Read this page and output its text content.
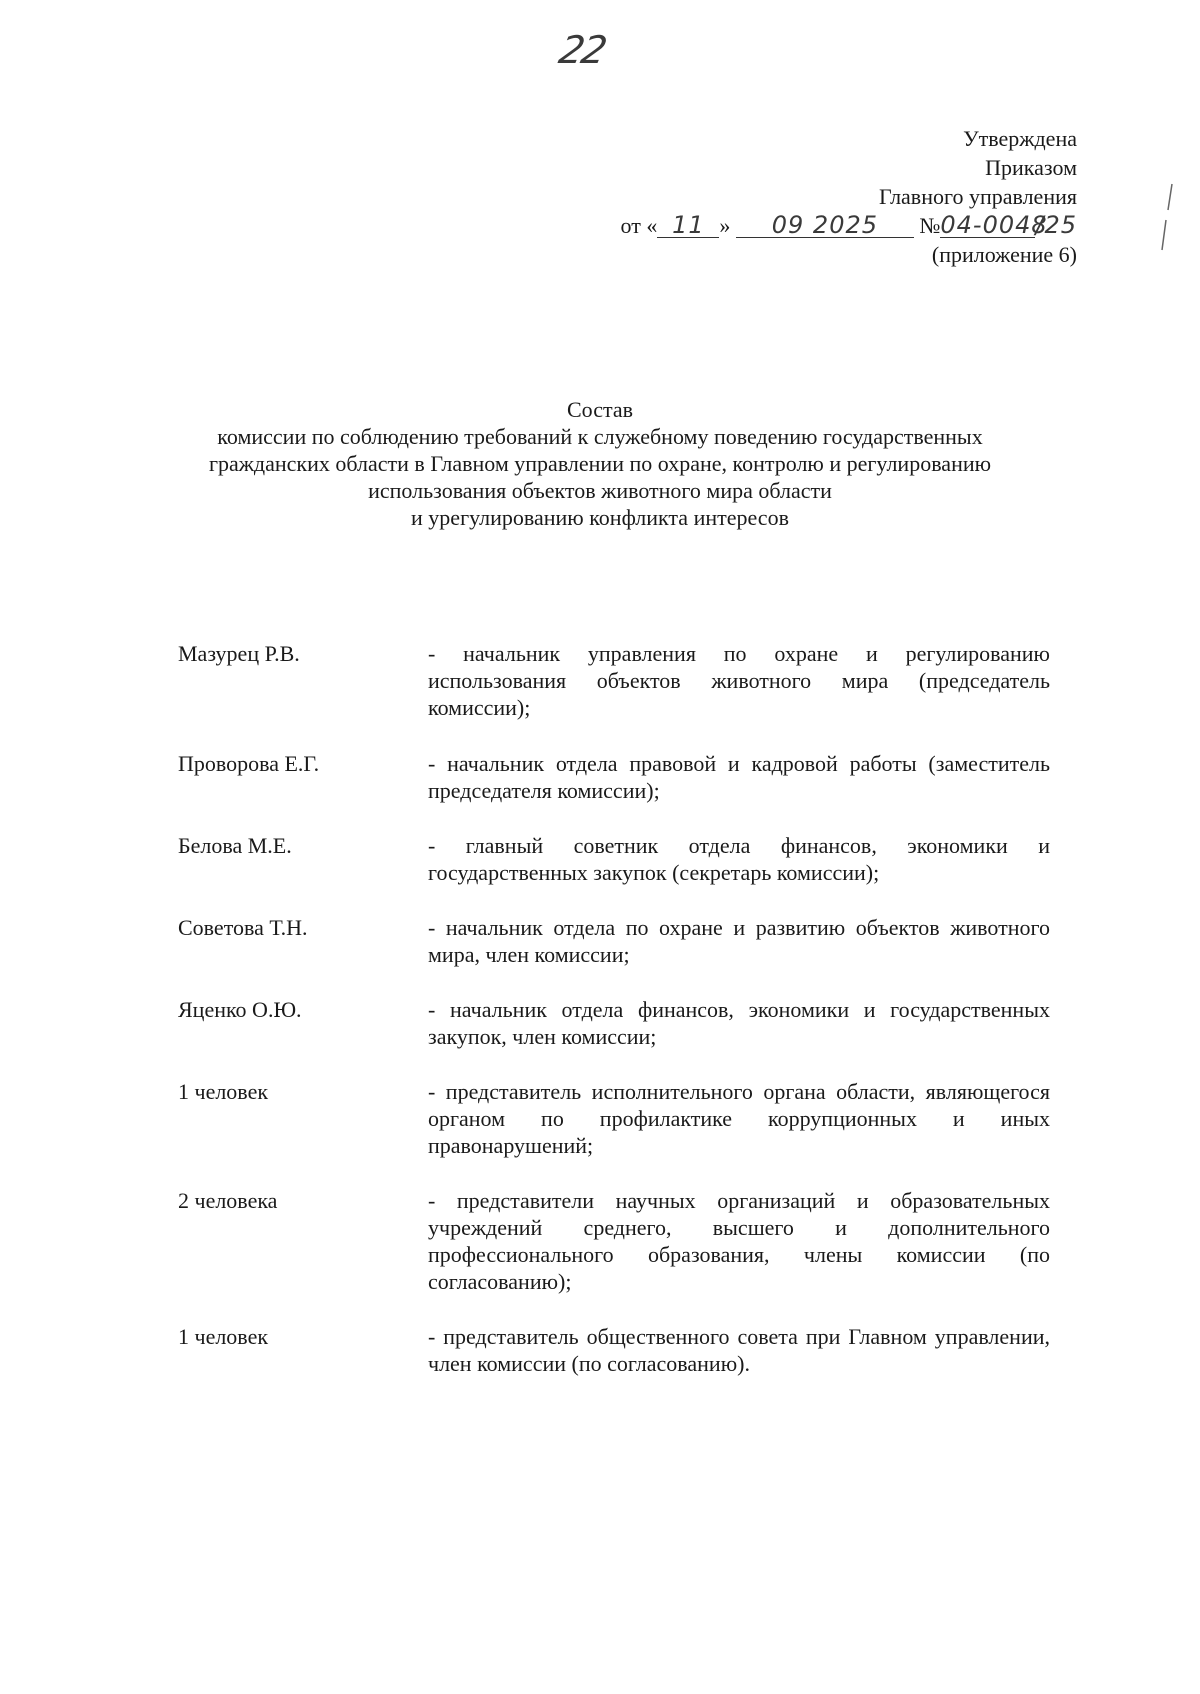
22
Утверждена
Приказом
Главного управления
от « 11 » 09 2025 №04-0048/25
(приложение 6)
Состав
комиссии по соблюдению требований к служебному поведению государственных
гражданских области в Главном управлении по охране, контролю и регулированию
использования объектов животного мира области
и урегулированию конфликта интересов
Мазурец Р.В.	- начальник управления по охране и регулированию использования объектов животного мира (председатель комиссии);
Проворова Е.Г.	- начальник отдела правовой и кадровой работы (заместитель председателя комиссии);
Белова М.Е.	- главный советник отдела финансов, экономики и государственных закупок (секретарь комиссии);
Советова Т.Н.	- начальник отдела по охране и развитию объектов животного мира, член комиссии;
Яценко О.Ю.	- начальник отдела финансов, экономики и государственных закупок, член комиссии;
1 человек	- представитель исполнительного органа области, являющегося органом по профилактике коррупционных и иных правонарушений;
2 человека	- представители научных организаций и образовательных учреждений среднего, высшего и дополнительного профессионального образования, члены комиссии (по согласованию);
1 человек	- представитель общественного совета при Главном управлении, член комиссии (по согласованию).
